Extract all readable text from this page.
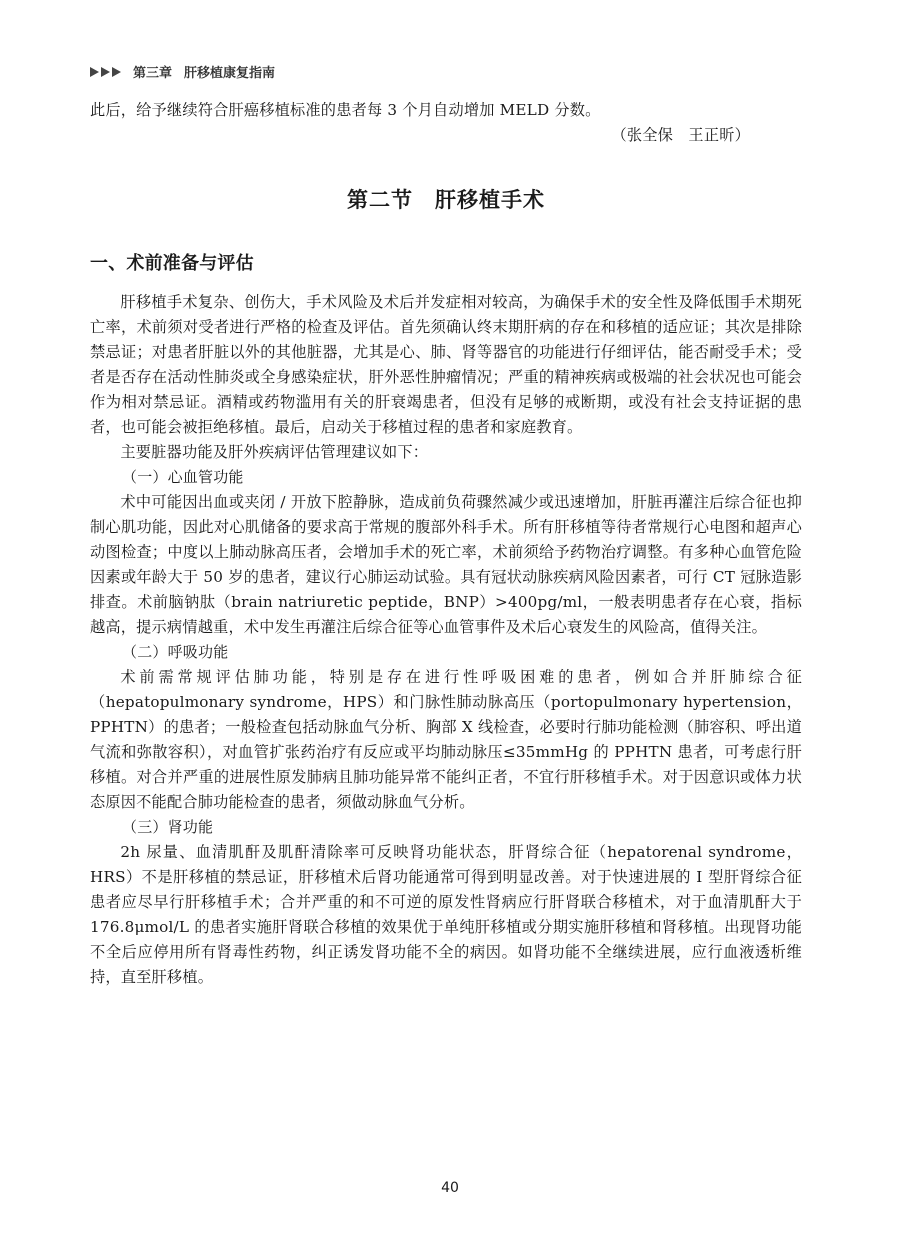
第三章 肝移植康复指南

此后，给予继续符合肝癌移植标准的患者每 3 个月自动增加 MELD 分数。

（张全保　王正昕）

第二节　肝移植手术
一、术前准备与评估

肝移植手术复杂、创伤大，手术风险及术后并发症相对较高，为确保手术的安全性及降低围手术期死亡率，术前须对受者进行严格的检查及评估。首先须确认终末期肝病的存在和移植的适应证；其次是排除禁忌证；对患者肝脏以外的其他脏器，尤其是心、肺、肾等器官的功能进行仔细评估，能否耐受手术；受者是否存在活动性肺炎或全身感染症状，肝外恶性肿瘤情况；严重的精神疾病或极端的社会状况也可能会作为相对禁忌证。酒精或药物滥用有关的肝衰竭患者，但没有足够的戒断期，或没有社会支持证据的患者，也可能会被拒绝移植。最后，启动关于移植过程的患者和家庭教育。

主要脏器功能及肝外疾病评估管理建议如下：

（一）心血管功能

术中可能因出血或夹闭 / 开放下腔静脉，造成前负荷骤然减少或迅速增加，肝脏再灌注后综合征也抑制心肌功能，因此对心肌储备的要求高于常规的腹部外科手术。所有肝移植等待者常规行心电图和超声心动图检查；中度以上肺动脉高压者，会增加手术的死亡率，术前须给予药物治疗调整。有多种心血管危险因素或年龄大于 50 岁的患者，建议行心肺运动试验。具有冠状动脉疾病风险因素者，可行 CT 冠脉造影排查。术前脑钠肽（brain natriuretic peptide，BNP）>400pg/ml，一般表明患者存在心衰，指标越高，提示病情越重，术中发生再灌注后综合征等心血管事件及术后心衰发生的风险高，值得关注。

（二）呼吸功能

术前需常规评估肺功能，特别是存在进行性呼吸困难的患者，例如合并肝肺综合征（hepatopulmonary syndrome，HPS）和门脉性肺动脉高压（portopulmonary hypertension，PPHTN）的患者；一般检查包括动脉血气分析、胸部 X 线检查，必要时行肺功能检测（肺容积、呼出道气流和弥散容积），对血管扩张药治疗有反应或平均肺动脉压≤35mmHg 的 PPHTN 患者，可考虑行肝移植。对合并严重的进展性原发肺病且肺功能异常不能纠正者，不宜行肝移植手术。对于因意识或体力状态原因不能配合肺功能检查的患者，须做动脉血气分析。

（三）肾功能

2h 尿量、血清肌酐及肌酐清除率可反映肾功能状态，肝肾综合征（hepatorenal syndrome，HRS）不是肝移植的禁忌证，肝移植术后肾功能通常可得到明显改善。对于快速进展的 Ⅰ 型肝肾综合征患者应尽早行肝移植手术；合并严重的和不可逆的原发性肾病应行肝肾联合移植术，对于血清肌酐大于 176.8μmol/L 的患者实施肝肾联合移植的效果优于单纯肝移植或分期实施肝移植和肾移植。出现肾功能不全后应停用所有肾毒性药物，纠正诱发肾功能不全的病因。如肾功能不全继续进展，应行血液透析维持，直至肝移植。

40
